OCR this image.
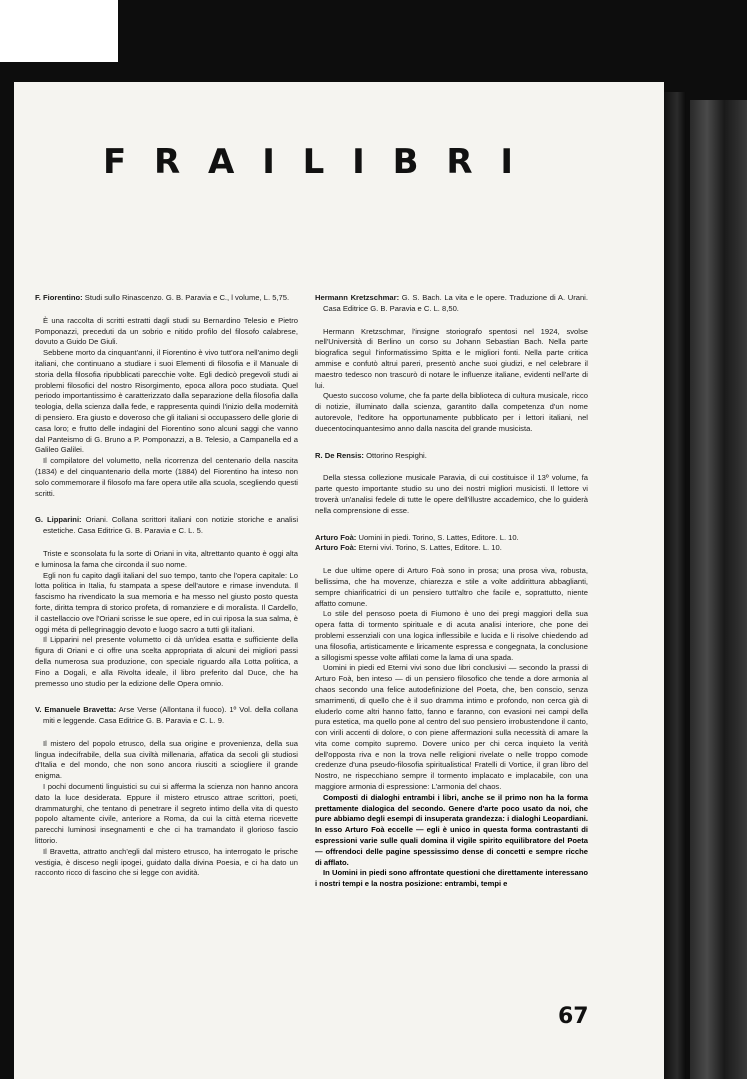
F R A I L I B R I

F. Fiorentino: Studi sullo Rinascenzo. G. B. Paravia e C., l volume, L. 5,75.

È una raccolta di scritti estratti dagli studi su Bernardino Telesio e Pietro Pomponazzi, preceduti da un sobrio e nitido profilo del filosofo calabrese, dovuto a Guido De Giuli.

Sebbene morto da cinquant'anni, il Fiorentino è vivo tutt'ora nell'animo degli italiani, che continuano a studiare i suoi Elementi di filosofia e il Manuale di storia della filosofia ripubblicati parecchie volte. Egli dedicò pregevoli studi ai problemi filosofici del nostro Risorgimento, epoca allora poco studiata. Quel periodo importantissimo è caratterizzato dalla separazione della filosofia dalla teologia, della scienza dalla fede, e rappresenta quindi l'inizio della modernità di pensiero. Era giusto e doveroso che gli italiani si occupassero delle glorie di casa loro; e frutto delle indagini del Fiorentino sono alcuni saggi che vanno dal Panteismo di G. Bruno a P. Pomponazzi, a B. Telesio, a Campanella ed a Galileo Galilei.

Il compilatore del volumetto, nella ricorrenza del centenario della nascita (1834) e del cinquantenario della morte (1884) del Fiorentino ha inteso non solo commemorare il filosofo ma fare opera utile alla scuola, scegliendo questi scritti.

G. Lipparini: Oriani. Collana scrittori italiani con notizie storiche e analisi estetiche. Casa Editrice G. B. Paravia e C. L. 5.

Triste e sconsolata fu la sorte di Oriani in vita, altrettanto quanto è oggi alta e luminosa la fama che circonda il suo nome.

Egli non fu capito dagli italiani del suo tempo, tanto che l'opera capitale: Lo lotta politica in Italia, fu stampata a spese dell'autore e rimase invenduta. Il fascismo ha rivendicato la sua memoria e ha messo nel giusto posto questa forte, diritta tempra di storico profeta, di romanziere e di moralista. Il Cardello, il castellaccio ove l'Oriani scrisse le sue opere, ed in cui riposa la sua salma, è oggi méta di pellegrinaggio devoto e luogo sacro a tutti gli italiani.

Il Lipparini nel presente volumetto ci dà un'idea esatta e sufficiente della figura di Oriani e ci offre una scelta appropriata di alcuni dei migliori passi della numerosa sua produzione, con speciale riguardo alla Lotta politica, a Fino a Dogali, e alla Rivolta ideale, il libro preferito dal Duce, che ha premesso uno studio per la edizione delle Opera omnio.

V. Emanuele Bravetta: Arse Verse (Allontana il fuoco). 1º Vol. della collana miti e leggende. Casa Editrice G. B. Paravia e C. L. 9.

Il mistero del popolo etrusco, della sua origine e provenienza, della sua lingua indecifrabile, della sua civiltà millenaria, affatica da secoli gli studiosi d'Italia e del mondo, che non sono ancora riusciti a sciogliere il grande enigma.

I pochi documenti linguistici su cui si afferma la scienza non hanno ancora dato la luce desiderata. Eppure il mistero etrusco attrae scrittori, poeti, drammaturghi, che tentano di penetrare il segreto intimo della vita di questo popolo altamente civile, anteriore a Roma, da cui la città eterna ricevette parecchi luminosi insegnamenti e che ci ha tramandato il glorioso fascio littorio.

Il Bravetta, attratto anch'egli dal mistero etrusco, ha interrogato le prische vestigia, è disceso negli ipogei, guidato dalla divina Poesia, e ci ha dato un racconto ricco di fascino che si legge con avidità.

Hermann Kretzschmar: G. S. Bach. La vita e le opere. Traduzione di A. Urani. Casa Editrice G. B. Paravia e C. L. 8,50.

Hermann Kretzschmar, l'insigne storiografo spentosi nel 1924, svolse nell'Università di Berlino un corso su Johann Sebastian Bach. Nella parte biografica seguì l'informatissimo Spitta e le migliori fonti. Nella parte critica ammise e confutò altrui pareri, presentò anche suoi giudizi, e nel celebrare il maestro tedesco non trascurò di notare le influenze italiane, evidenti nell'arte di lui.

Questo succoso volume, che fa parte della biblioteca di cultura musicale, ricco di notizie, illuminato dalla scienza, garantito dalla competenza d'un nome autorevole, l'editore ha opportunamente pubblicato per i lettori italiani, nel duecentocinquantesimo anno dalla nascita del grande musicista.

R. De Rensis: Ottorino Respighi.

Della stessa collezione musicale Paravia, di cui costituisce il 13º volume, fa parte questo importante studio su uno dei nostri migliori musicisti. Il lettore vi troverà un'analisi fedele di tutte le opere dell'illustre accademico, che lo guiderà nella comprensione di esse.

Arturo Foà: Uomini in piedi. Torino, S. Lattes, Editore. L. 10.

Arturo Foà: Eterni vivi. Torino, S. Lattes, Editore. L. 10.

Le due ultime opere di Arturo Foà sono in prosa; una prosa viva, robusta, bellissima, che ha movenze, chiarezza e stile a volte addirittura abbaglianti, sempre chiarificatrici di un pensiero tutt'altro che facile e, soprattutto, niente affatto comune.

Lo stile del pensoso poeta di Fiumono è uno dei pregi maggiori della sua opera fatta di tormento spirituale e di acuta analisi interiore, che pone dei problemi essenziali con una logica inflessibile e lucida e li risolve chiedendo ad una filosofia, artisticamente e liricamente espressa e congegnata, la conclusione a sillogismi spesse volte affilati come la lama di una spada.

Uomini in piedi ed Eterni vivi sono due libri conclusivi — secondo la prassi di Arturo Foà, ben inteso — di un pensiero filosofico che tende a dore armonia al chaos secondo una felice autodefinizione del Poeta, che, ben conscio, senza smarrimenti, di quello che è il suo dramma intimo e profondo, non cerca già di eluderlo come altri hanno fatto, fanno e faranno, con evasioni nei campi della pura estetica, ma quello pone al centro del suo pensiero irrobustendone il canto, con virili accenti di dolore, o con piene affermazioni sulla necessità di amare la vita come compito supremo. Dovere unico per chi cerca inquieto la verità dell'opposta riva e non la trova nelle religioni rivelate o nelle troppo comode credenze d'una pseudo-filosofia spiritualistica! Fratelli di Vortice, il gran libro del Nostro, ne rispecchiano sempre il tormento implacato e implacabile, con una maggiore armonia di espressione: L'armonia del chaos.

Composti di dialoghi entrambi i libri, anche se il primo non ha la forma prettamente dialogica del secondo. Genere d'arte poco usato da noi, che pure abbiamo degli esempi di insuperata grandezza: i dialoghi Leopardiani. In esso Arturo Foà eccelle — egli è unico in questa forma contrastanti di espressioni varie sulle quali domina il vigile spirito equilibratore del Poeta — offrendoci delle pagine spessissimo dense di concetti e sempre ricche di afflato.

In Uomini in piedi sono affrontate questioni che direttamente interessano i nostri tempi e la nostra posizione: entrambi, tempi e

67
